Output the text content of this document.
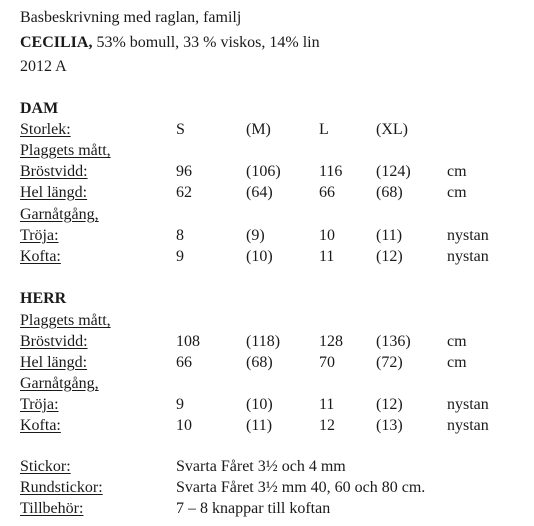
Basbeskrivning med raglan, familj
CECILIA, 53% bomull, 33 % viskos, 14% lin
2012 A
DAM
Storlek:	S	(M)	L	(XL)
Plaggets mått,
Bröstvidd:	96	(106) 116 (124) cm
Hel längd:	62	(64)	66	(68)	cm
Garnåtgång,
Tröja:	8	(9)	10	(11)	nystan
Kofta:	9	(10)	11	(12)	nystan
HERR
Plaggets mått,
Bröstvidd:	108	(118) 128 (136) cm
Hel längd:	66	(68)	70	(72)	cm
Garnåtgång,
Tröja:	9	(10)	11	(12)	nystan
Kofta:	10	(11)	12	(13)	nystan
Stickor:	Svarta Fåret 3½ och 4 mm
Rundstickor:	Svarta Fåret 3½ mm 40, 60 och 80 cm.
Tillbehör:	7 – 8 knappar till koftan
